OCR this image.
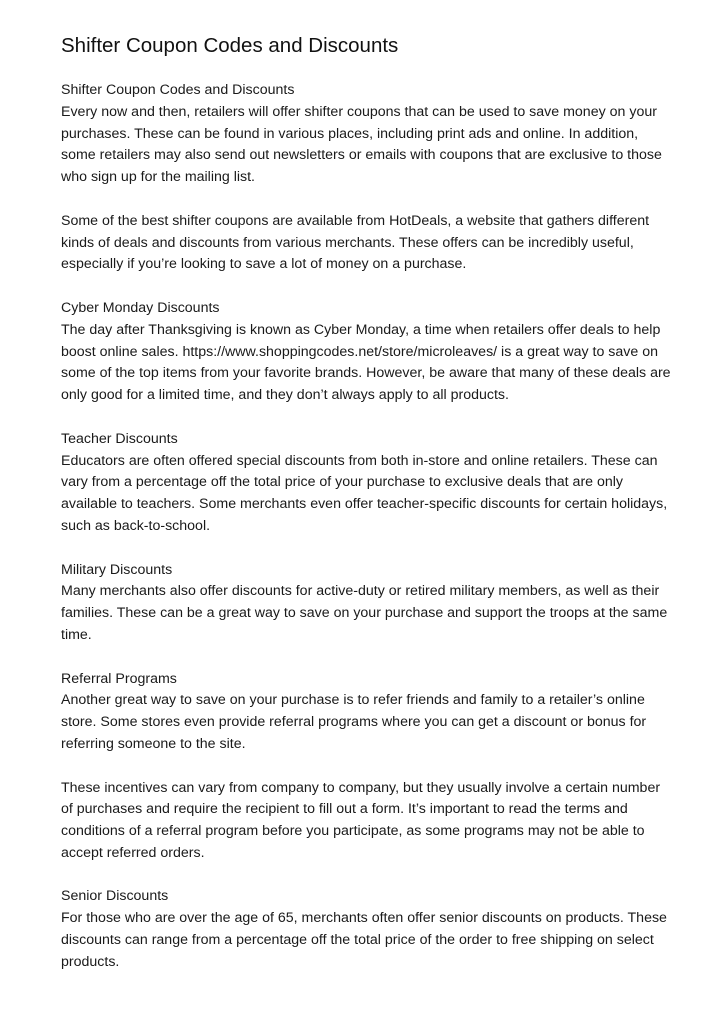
Shifter Coupon Codes and Discounts
Shifter Coupon Codes and Discounts
Every now and then, retailers will offer shifter coupons that can be used to save money on your purchases. These can be found in various places, including print ads and online. In addition, some retailers may also send out newsletters or emails with coupons that are exclusive to those who sign up for the mailing list.
Some of the best shifter coupons are available from HotDeals, a website that gathers different kinds of deals and discounts from various merchants. These offers can be incredibly useful, especially if you’re looking to save a lot of money on a purchase.
Cyber Monday Discounts
The day after Thanksgiving is known as Cyber Monday, a time when retailers offer deals to help boost online sales. https://www.shoppingcodes.net/store/microleaves/ is a great way to save on some of the top items from your favorite brands. However, be aware that many of these deals are only good for a limited time, and they don’t always apply to all products.
Teacher Discounts
Educators are often offered special discounts from both in-store and online retailers. These can vary from a percentage off the total price of your purchase to exclusive deals that are only available to teachers. Some merchants even offer teacher-specific discounts for certain holidays, such as back-to-school.
Military Discounts
Many merchants also offer discounts for active-duty or retired military members, as well as their families. These can be a great way to save on your purchase and support the troops at the same time.
Referral Programs
Another great way to save on your purchase is to refer friends and family to a retailer’s online store. Some stores even provide referral programs where you can get a discount or bonus for referring someone to the site.
These incentives can vary from company to company, but they usually involve a certain number of purchases and require the recipient to fill out a form. It’s important to read the terms and conditions of a referral program before you participate, as some programs may not be able to accept referred orders.
Senior Discounts
For those who are over the age of 65, merchants often offer senior discounts on products. These discounts can range from a percentage off the total price of the order to free shipping on select products.
